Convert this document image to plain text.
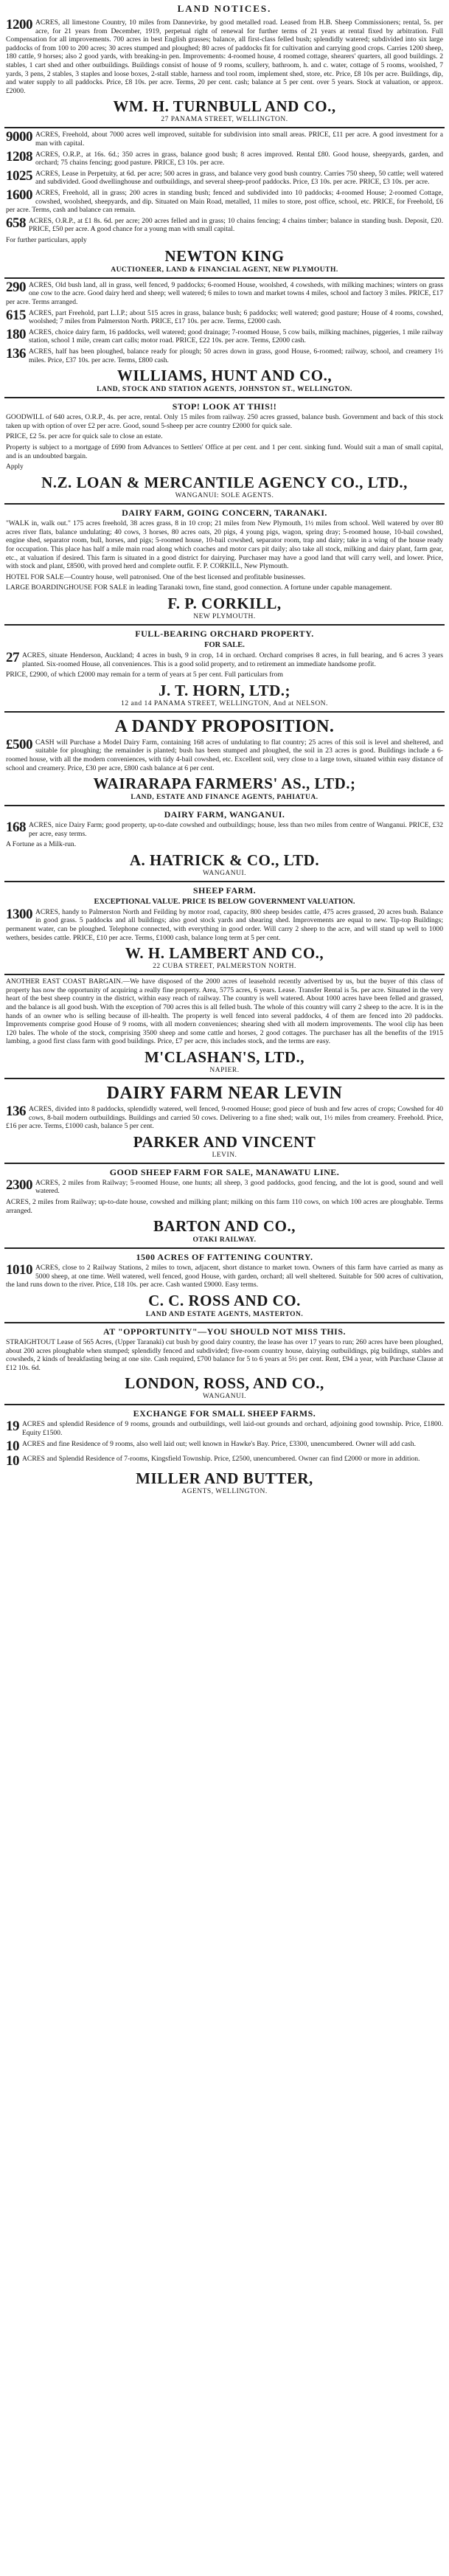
LAND NOTICES.
1200 ACRES, all limestone Country, 10 miles from Dannevirke, by good metalled road. Leased from H.B. Sheep Commissioners; rental, 5s. per acre, for 21 years from December, 1919, perpetual right of renewal for further terms of 21 years at rental fixed by arbitration. Full Compensation for all improvements. 700 acres in best English grasses; balance, all first-class felled bush; splendidly watered; subdivided into six large paddocks of from 100 to 200 acres; 30 acres stumped and ploughed; 80 acres of paddocks fit for cultivation and carrying good crops. Carries 1200 sheep, 180 cattle, 9 horses; also 2 good yards, with breaking-in pen. Improvements: 4-roomed house, 4 roomed cottage, shearers' quarters, all good buildings. 2 stables, 1 cart shed and other outbuildings. Buildings consist of house of 9 rooms, scullery, bathroom, h. and c. water, cottage of 5 rooms, woolshed, 7 yards, 3 pens, 2 stables, 3 staples and loose boxes, 2-stall stable, harness and tool room, implement shed, store, etc. Price, £8 10s per acre. Buildings, dip, and water supply to all paddocks. Price, £8 10s. per acre. Terms, 20 per cent. cash; balance at 5 per cent. over 5 years. Stock at valuation, or approx. £2000.
WM. H. TURNBULL AND CO.,
27 PANAMA STREET, WELLINGTON.
9000 ACRES, Freehold, about 7000 acres well improved, suitable for subdivision into small areas. PRICE, £11 per acre. A good investment for a man with capital.
1208 ACRES, O.R.P., at 16s. 6d.; 350 acres in grass, balance good bush; 8 acres improved. Rental £80. Good house, sheepyards, garden, and orchard; 75 chains fencing; good pasture. PRICE, £3 10s. per acre.
1025 ACRES, Lease in Perpetuity, at 6d. per acre; 500 acres in grass, and balance very good bush country. Carries 750 sheep, 50 cattle; well watered and subdivided. Good dwellinghouse and outbuildings, and several sheep-proof paddocks. Price, £3 10s. per acre. PRICE, £3 10s. per acre.
1600 ACRES, Freehold, all in grass; 200 acres in standing bush; fenced and subdivided into 10 paddocks; 4-roomed House; 2-roomed Cottage, cowshed, woolshed, sheepyards, and dip. Situated on Main Road, metalled, 11 miles to store, post office, school, etc. PRICE, for Freehold, £6 per acre. Terms, cash and balance can remain.
658 ACRES, O.R.P., at £1 8s. 6d. per acre; 200 acres felled and in grass; 10 chains fencing; 4 chains timber; balance in standing bush. Deposit, £20. PRICE, £50 per acre. A good chance for a young man with small capital.
For further particulars, apply
NEWTON KING
AUCTIONEER, LAND & FINANCIAL AGENT, NEW PLYMOUTH.
290 ACRES, Old bush land, all in grass, well fenced, 9 paddocks; 6-roomed House, woolshed, 4 cowsheds, with milking machines; winters on grass one cow to the acre. Good dairy herd and sheep; well watered; 6 miles to town and market towns 4 miles, school and factory 3 miles. PRICE, £17 per acre. Terms arranged.
615 ACRES, part Freehold, part L.I.P.; about 515 acres in grass, balance bush; 6 paddocks; well watered; good pasture; House of 4 rooms, cowshed, woolshed; 7 miles from Palmerston North. PRICE, £17 10s. per acre. Terms, £2000 cash.
180 ACRES, choice dairy farm, 16 paddocks, well watered; good drainage; 7-roomed House, 5 cow bails, milking machines, piggeries, 1 mile railway station, school 1 mile, cream cart calls; motor road. PRICE, £22 10s. per acre. Terms, £2000 cash.
136 ACRES, half has been ploughed, balance ready for plough; 50 acres down in grass, good House, 6-roomed; railway, school, and creamery 1½ miles. Price, £37 10s. per acre. Terms, £800 cash.
WILLIAMS, HUNT AND CO.,
LAND, STOCK AND STATION AGENTS, JOHNSTON ST., WELLINGTON.
STOP! LOOK AT THIS!!
GOODWILL of 640 acres, O.R.P., 4s. per acre, rental. Only 15 miles from railway. 250 acres grassed, balance bush. Government and back of this stock taken up with option of over £2 per acre. Good, sound 5-sheep per acre country £2000 for quick sale.
PRICE, £2 5s. per acre for quick sale to close an estate.
Property is subject to a mortgage of £690 from Advances to Settlers' Office at per cent. and 1 per cent. sinking fund. Would suit a man of small capital, and is an undoubted bargain.
Apply
N.Z. LOAN & MERCANTILE AGENCY CO., LTD.,
WANGANUI: SOLE AGENTS.
DAIRY FARM, GOING CONCERN, TARANAKI.
"WALK in, walk out." 175 acres freehold, 38 acres grass, 8 in 10 crop; 21 miles from New Plymouth, 1½ miles from school. Well watered by over 80 acres river flats, balance undulating; 40 cows, 3 horses, 80 acres oats, 20 pigs, 4 young pigs, wagon, spring dray; 5-roomed house, 10-bail cowshed, engine shed, separator room, bull, horses, and pigs; 5-roomed house, 10-bail cowshed, separator room, trap and dairy; take in a wing of the house ready for occupation. This place has half a mile main road along which coaches and motor cars pit daily; also take all stock, milking and dairy plant, farm gear, etc., at valuation if desired. This farm is situated in a good district for dairying. Purchaser may have a good land that will carry well, and lower. Price, with stock and plant, £8500, with proved herd and complete outfit. F. P. CORKILL, New Plymouth.
HOTEL FOR SALE—Country house, well patronised. One of the best licensed and profitable businesses.
LARGE BOARDINGHOUSE FOR SALE in leading Taranaki town, fine stand, good connection. A fortune under capable management.
F. P. CORKILL,
NEW PLYMOUTH.
FULL-BEARING ORCHARD PROPERTY.
FOR SALE.
27 ACRES, situate Henderson, Auckland; 4 acres in bush, 9 in crop, 14 in orchard. Orchard comprises 8 acres, in full bearing, and 6 acres 3 years planted. Six-roomed House, all conveniences. This is a good solid property, and to retirement an immediate handsome profit.
PRICE, £2900, of which £2000 may remain for a term of years at 5 per cent. Full particulars from
J. T. HORN, LTD.;
12 and 14 PANAMA STREET, WELLINGTON, And at NELSON.
A DANDY PROPOSITION.
£500 CASH will Purchase a Model Dairy Farm, containing 168 acres of undulating to flat country; 25 acres of this soil is level and sheltered, and suitable for ploughing; the remainder is planted; bush has been stumped and ploughed, the soil in 23 acres is good. Buildings include a 6-roomed house, with all the modern conveniences, with tidy 4-bail cowshed, etc. Excellent soil, very close to a large town, situated within easy distance of school and creamery. Price, £30 per acre, £800 cash balance at 6 per cent.
WAIRARAPA FARMERS' AS., LTD.;
LAND, ESTATE AND FINANCE AGENTS, PAHIATUA.
DAIRY FARM, WANGANUI.
168 ACRES, nice Dairy Farm; good property, up-to-date cowshed and outbuildings; house, less than two miles from centre of Wanganui. PRICE, £32 per acre, easy terms.
A Fortune as a Milk-run.
A. HATRICK & CO., LTD.
WANGANUI.
SHEEP FARM.
EXCEPTIONAL VALUE. PRICE IS BELOW GOVERNMENT VALUATION.
1300 ACRES, handy to Palmerston North and Feilding by motor road, capacity, 800 sheep besides cattle, 475 acres grassed, 20 acres bush. Balance in good grass. 5 paddocks and all buildings; also good stock yards and shearing shed. Improvements are equal to new. Tip-top Buildings; permanent water, can be ploughed. Telephone connected, with everything in good order. Will carry 2 sheep to the acre, and will stand up well to 1000 wethers, besides cattle. PRICE, £10 per acre. Terms, £1000 cash, balance long term at 5 per cent.
W. H. LAMBERT AND CO.,
22 CUBA STREET, PALMERSTON NORTH.
ANOTHER EAST COAST BARGAIN.—We have disposed of the 2000 acres of leasehold recently advertised by us, but the buyer of this class of property has now the opportunity of acquiring a really fine property. Area, 5775 acres, 6 years. Lease. Transfer Rental is 5s. per acre. Situated in the very heart of the best sheep country in the district, within easy reach of railway. The country is well watered. About 1000 acres have been felled and grassed, and the balance is all good bush. With the exception of 700 acres this is all felled bush. The whole of this country will carry 2 sheep to the acre. It is in the hands of an owner who is selling because of ill-health. The property is well fenced into several paddocks, 4 of them are fenced into 20 paddocks. Improvements comprise good House of 9 rooms, with all modern conveniences; shearing shed with all modern improvements. The wool clip has been 120 bales. The whole of the stock, comprising 3500 sheep and some cattle and horses, 2 good cottages. The purchaser has all the benefits of the 1915 lambing, a good first class farm with good buildings. Price, £7 per acre, this includes stock, and the terms are easy.
M'CLASHAN'S, LTD.,
NAPIER.
DAIRY FARM NEAR LEVIN
136 ACRES, divided into 8 paddocks, splendidly watered, well fenced, 9-roomed House; good piece of bush and few acres of crops; Cowshed for 40 cows, 8-bail modern outbuildings. Buildings and carried 50 cows. Delivering to a fine shed; walk out, 1½ miles from creamery. Freehold. Price, £16 per acre. Terms, £1000 cash, balance 5 per cent.
PARKER AND VINCENT
LEVIN.
GOOD SHEEP FARM FOR SALE, MANAWATU LINE.
2300 ACRES, 2 miles from Railway; 5-roomed House, one hunts; all sheep, 3 good paddocks, good fencing, and the lot is good, sound and well watered.
ACRES, 2 miles from Railway; up-to-date house, cowshed and milking plant; milking on this farm 110 cows, on which 100 acres are ploughable. Terms arranged.
BARTON AND CO.,
OTAKI RAILWAY.
1500 ACRES OF FATTENING COUNTRY.
1010 ACRES, close to 2 Railway Stations, 2 miles to town, adjacent, short distance to market town. Owners of this farm have carried as many as 5000 sheep, at one time. Well watered, well fenced, good House, with garden, orchard; all well sheltered. Suitable for 500 acres of cultivation, the land runs down to the river. Price, £18 10s. per acre. Cash wanted £9000. Easy terms.
C. C. ROSS AND CO.
LAND AND ESTATE AGENTS, MASTERTON.
AT "OPPORTUNITY"—YOU SHOULD NOT MISS THIS.
STRAIGHTOUT Lease of 565 Acres, (Upper Taranaki) cut bush by good dairy country, the lease has over 17 years to run; 260 acres have been ploughed, about 200 acres ploughable when stumped; splendidly fenced and subdivided; five-room country house, dairying outbuildings, pig buildings, stables and cowsheds, 2 kinds of breakfasting being at one site. Cash required, £700 balance for 5 to 6 years at 5½ per cent. Rent, £94 a year, with Purchase Clause at £12 10s. 6d.
LONDON, ROSS, AND CO.,
WANGANUI.
EXCHANGE FOR SMALL SHEEP FARMS.
19 ACRES and splendid Residence of 9 rooms, grounds and outbuildings, well laid-out grounds and orchard, adjoining good township. Price, £1800. Equity £1500.
10 ACRES and fine Residence of 9 rooms, also well laid out; well known in Hawke's Bay. Price, £3300, unencumbered. Owner will add cash.
10 ACRES and Splendid Residence of 7-rooms, Kingsfield Township. Price, £2500, unencumbered. Owner can find £2000 or more in addition.
MILLER AND BUTTER,
AGENTS, WELLINGTON.
